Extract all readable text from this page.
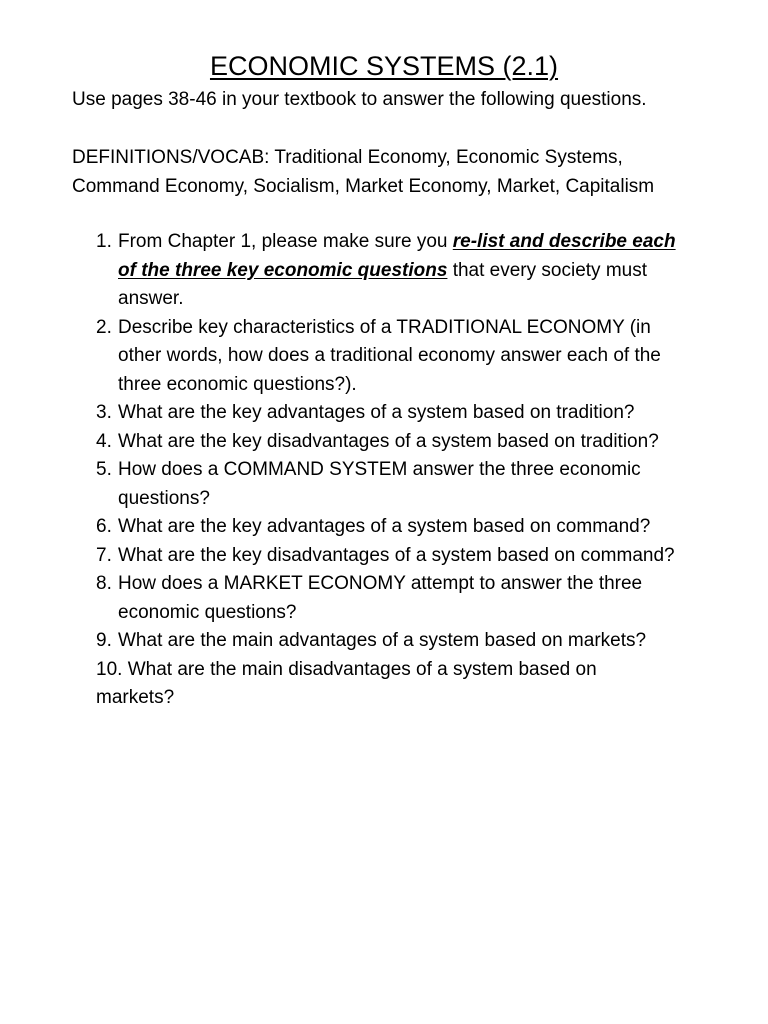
ECONOMIC SYSTEMS (2.1)
Use pages 38-46 in your textbook to answer the following questions.
DEFINITIONS/VOCAB: Traditional Economy, Economic Systems,
Command Economy, Socialism, Market Economy, Market, Capitalism
1. From Chapter 1, please make sure you re-list and describe each
of the three key economic questions that every society must
answer.
2. Describe key characteristics of a TRADITIONAL ECONOMY (in
other words, how does a traditional economy answer each of the
three economic questions?).
3. What are the key advantages of a system based on tradition?
4. What are the key disadvantages of a system based on tradition?
5. How does a COMMAND SYSTEM answer the three economic
questions?
6. What are the key advantages of a system based on command?
7. What are the key disadvantages of a system based on command?
8. How does a MARKET ECONOMY attempt to answer the three
economic questions?
9. What are the main advantages of a system based on markets?
10. What are the main disadvantages of a system based on
markets?
